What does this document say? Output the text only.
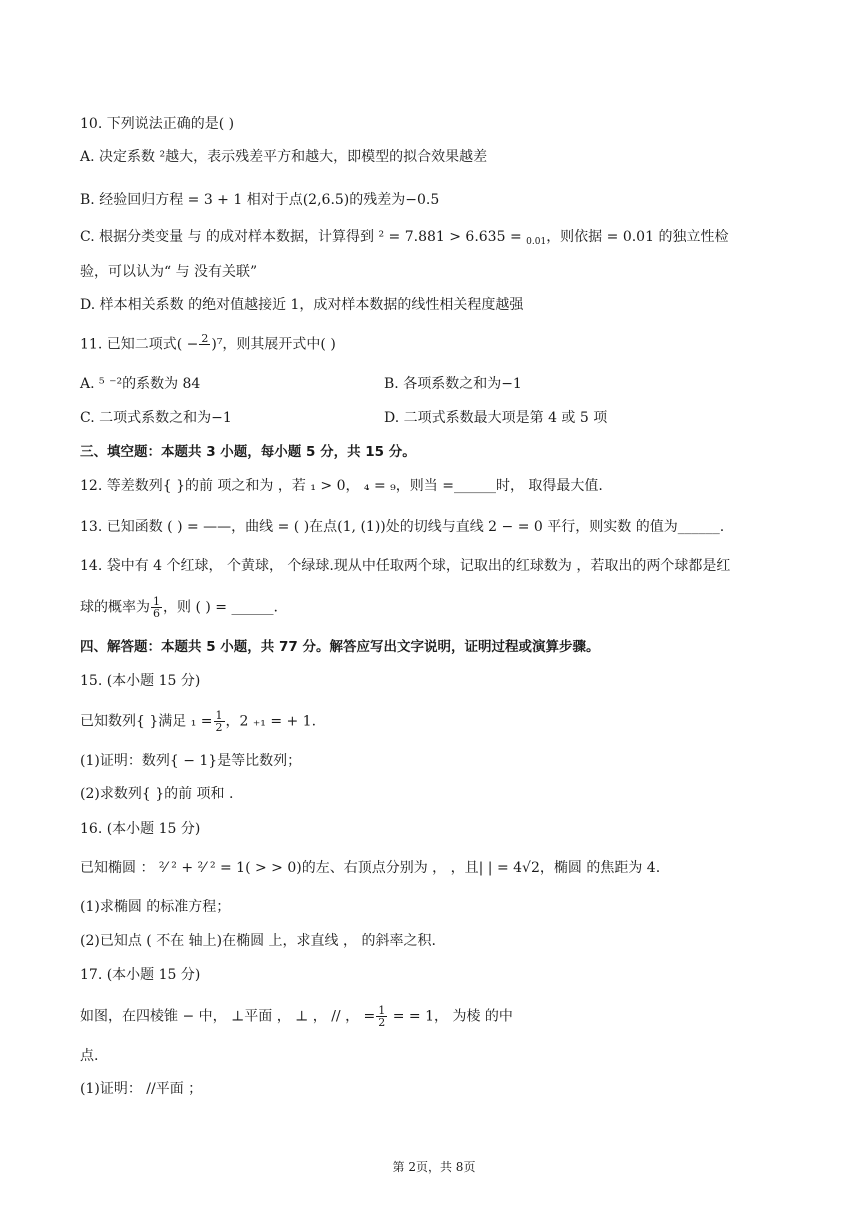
10. 下列说法正确的是( )
A. 决定系数 ²越大，表示残差平方和越大，即模型的拟合效果越差
B. 经验回归方程 = 3 + 1 相对于点(2,6.5)的残差为−0.5
C. 根据分类变量 与 的成对样本数据，计算得到 ² = 7.881 > 6.635 = $_{0.01}$，则依据 = 0.01 的独立性检
验，可以认为“ 与 没有关联”
D. 样本相关系数 的绝对值越接近 1，成对样本数据的线性相关程度越强
11. 已知二项式( − 2
)⁷，则其展开式中( )
A. ⁵ ⁻²的系数为 84	B. 各项系数之和为−1
C. 二项式系数之和为−1	D. 二项式系数最大项是第 4 或 5 项
三、填空题：本题共 3 小题，每小题 5 分，共 15 分。
12. 等差数列{ }的前 项之和为 ，若 ₁ > 0， ₄ = ₉，则当 =______时， 取得最大值.
13. 已知函数 ( ) = ——，曲线 = ( )在点(1, (1))处的切线与直线 2 − = 0 平行，则实数 的值为______.
14. 袋中有 4 个红球， 个黄球， 个绿球.现从中任取两个球，记取出的红球数为 ，若取出的两个球都是红
球的概率为 $\frac{1}{6}$ ，则 ( ) = ______.
四、解答题：本题共 5 小题，共 77 分。解答应写出文字说明，证明过程或演算步骤。
15. (本小题 15 分)
已知数列{ }满足 $_1 = \frac{1}{2}$ ，2 ₊₁ = + 1.
(1)证明：数列{ − 1}是等比数列；
(2)求数列{ }的前 项和 .
16. (本小题 15 分)
已知椭圆 ： ²⁄ ² + ²⁄ ² = 1( > > 0)的左、右顶点分别为 ， ，且| | = 4√2，椭圆 的焦距为 4.
(1)求椭圆 的标准方程；
(2)已知点 ( 不在 轴上)在椭圆 上，求直线 ， 的斜率之积.
17. (本小题 15 分)
如图，在四棱锥 − 中， ⊥平面 ， ⊥ ， // ， = $\frac{1}{2}$ = = 1， 为棱 的中
点.
(1)证明： //平面 ；
第 2页，共 8页
